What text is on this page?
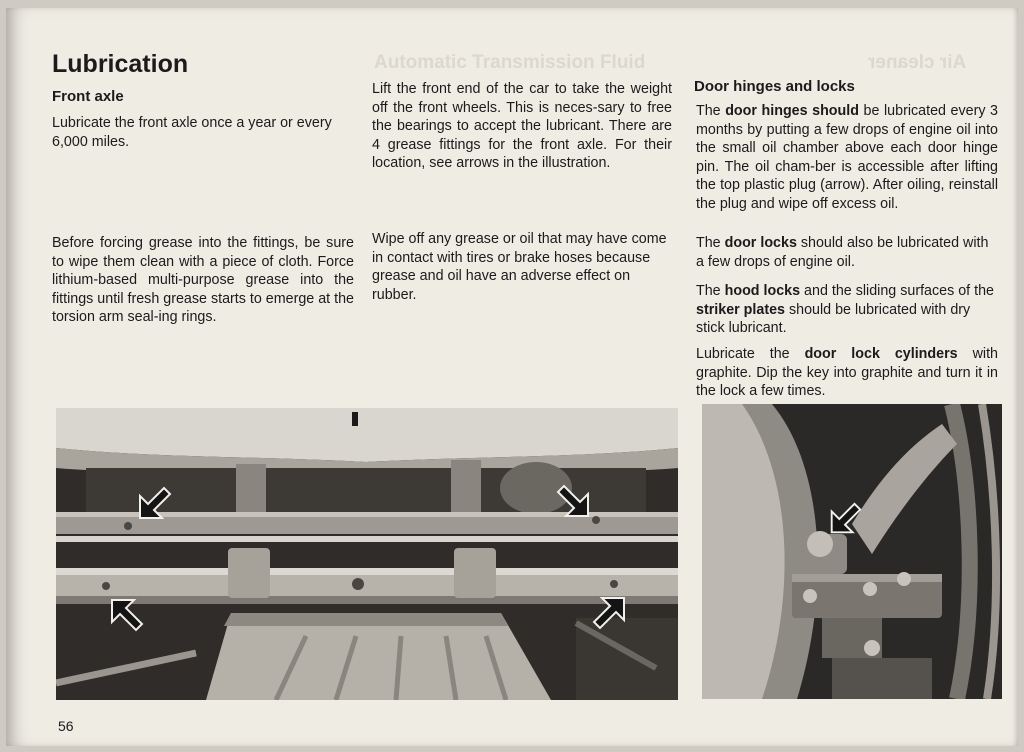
Automatic Transmission Fluid	Air cleaner
Lubrication
Front axle

Lubricate the front axle once a year or every 6,000 miles.

Before forcing grease into the fittings, be sure to wipe them clean with a piece of cloth. Force lithium-based multi-purpose grease into the fittings until fresh grease starts to emerge at the torsion arm seal-ing rings.

Lift the front end of the car to take the weight off the front wheels. This is neces-sary to free the bearings to accept the lubricant. There are 4 grease fittings for the front axle. For their location, see arrows in the illustration.

Wipe off any grease or oil that may have come in contact with tires or brake hoses because grease and oil have an adverse effect on rubber.

Door hinges and locks

The door hinges should be lubricated every 3 months by putting a few drops of engine oil into the small oil chamber above each door hinge pin. The oil cham-ber is accessible after lifting the top plastic plug (arrow). After oiling, reinstall the plug and wipe off excess oil.

The door locks should also be lubricated with a few drops of engine oil.

The hood locks and the sliding surfaces of the striker plates should be lubricated with dry stick lubricant.

Lubricate the door lock cylinders with graphite. Dip the key into graphite and turn it in the lock a few times.

56
